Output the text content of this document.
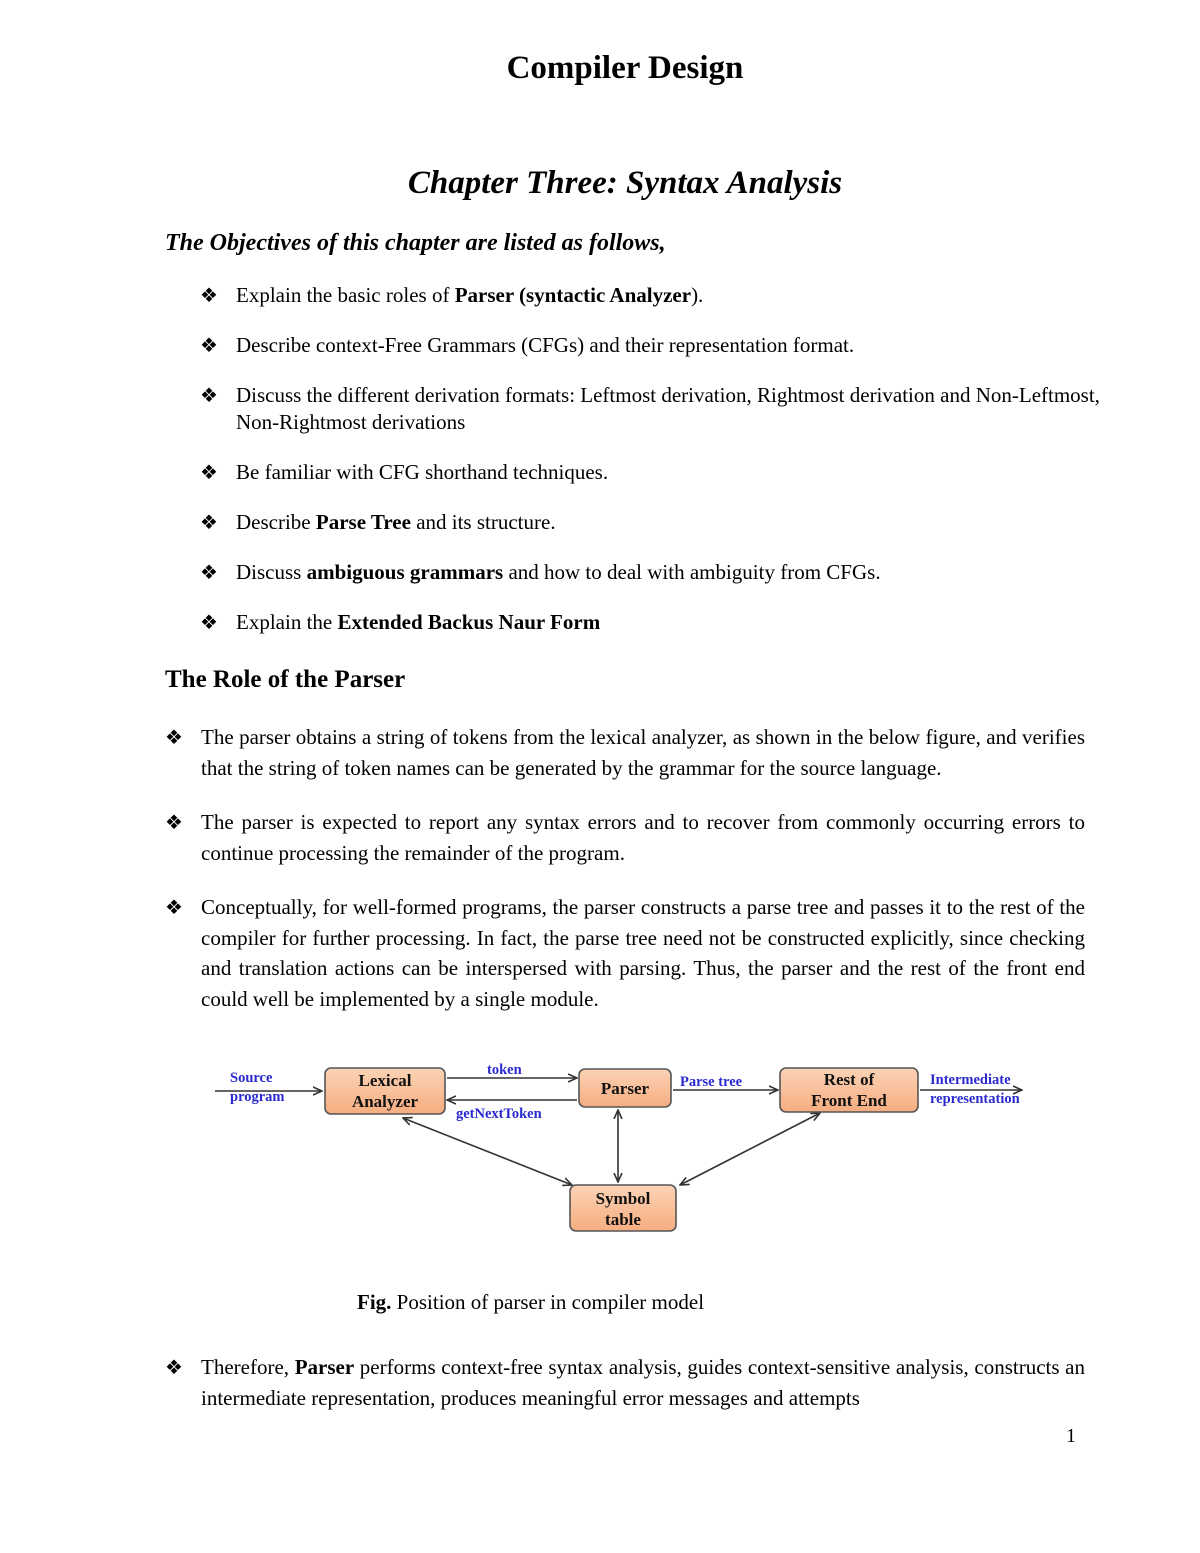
Compiler Design
Chapter Three: Syntax Analysis
The Objectives of this chapter are listed as follows,
❖ Explain the basic roles of Parser (syntactic Analyzer).
❖ Describe context-Free Grammars (CFGs) and their representation format.
❖ Discuss the different derivation formats: Leftmost derivation, Rightmost derivation and Non-Leftmost, Non-Rightmost derivations
❖ Be familiar with CFG shorthand techniques.
❖ Describe Parse Tree and its structure.
❖ Discuss ambiguous grammars and how to deal with ambiguity from CFGs.
❖ Explain the Extended Backus Naur Form
The Role of the Parser
❖ The parser obtains a string of tokens from the lexical analyzer, as shown in the below figure, and verifies that the string of token names can be generated by the grammar for the source language.
❖ The parser is expected to report any syntax errors and to recover from commonly occurring errors to continue processing the remainder of the program.
❖ Conceptually, for well-formed programs, the parser constructs a parse tree and passes it to the rest of the compiler for further processing. In fact, the parse tree need not be constructed explicitly, since checking and translation actions can be interspersed with parsing. Thus, the parser and the rest of the front end could well be implemented by a single module.
Lexical
Analyzer
Parser	Rest of
Front End
Symbol
table
Source
program
token
getNextToken
Parse tree	Intermediate
representation
Fig. Position of parser in compiler model
❖ Therefore, Parser performs context-free syntax analysis, guides context-sensitive analysis, constructs an intermediate representation, produces meaningful error messages and attempts
1
